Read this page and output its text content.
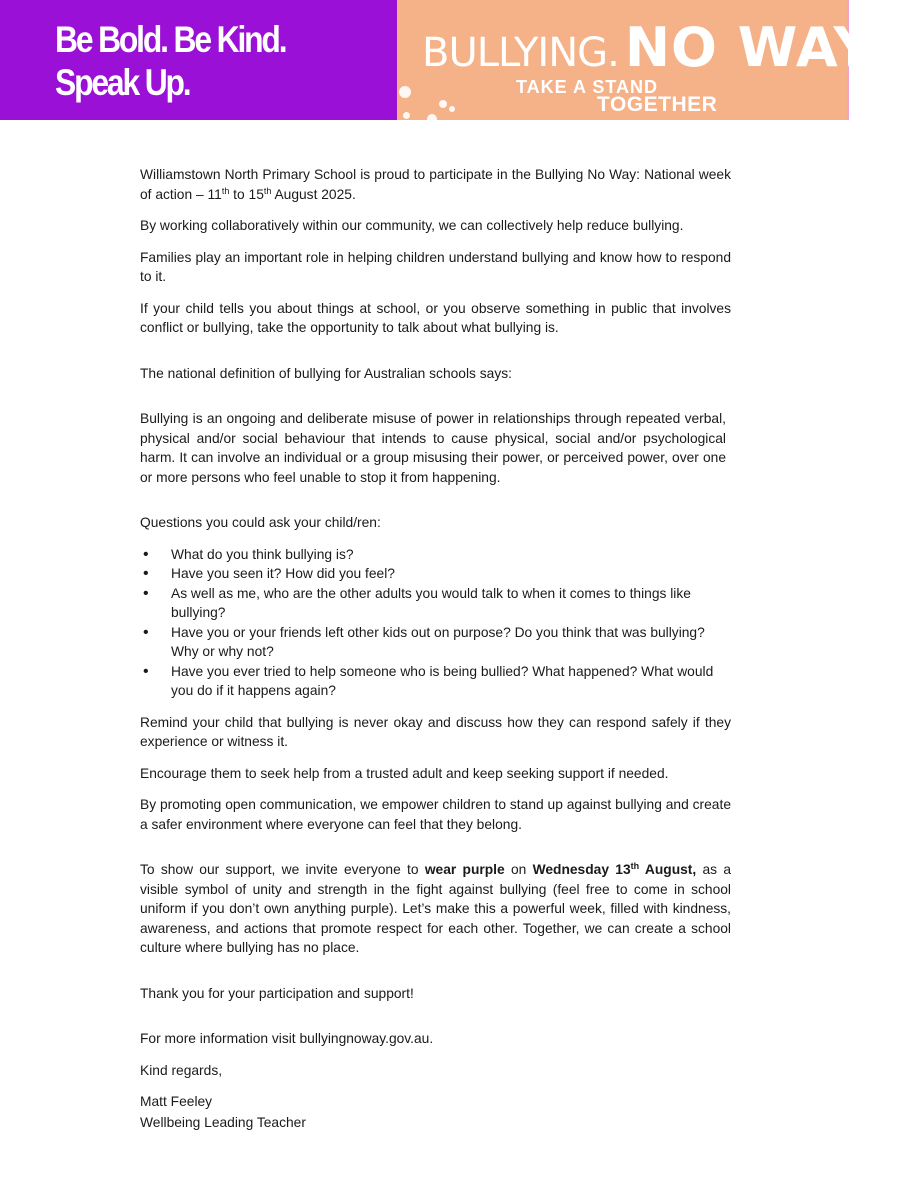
Be Bold. Be Kind.
Speak Up.
BULLYING. NO WAY!
TAKE A STAND
TOGETHER

Williamstown North Primary School is proud to participate in the Bullying No Way: National week of action – 11th to 15th August 2025.

By working collaboratively within our community, we can collectively help reduce bullying.

Families play an important role in helping children understand bullying and know how to respond to it.

If your child tells you about things at school, or you observe something in public that involves conflict or bullying, take the opportunity to talk about what bullying is.

The national definition of bullying for Australian schools says:

Bullying is an ongoing and deliberate misuse of power in relationships through repeated verbal, physical and/or social behaviour that intends to cause physical, social and/or psychological harm. It can involve an individual or a group misusing their power, or perceived power, over one or more persons who feel unable to stop it from happening.

Questions you could ask your child/ren:

• What do you think bullying is?
• Have you seen it? How did you feel?
• As well as me, who are the other adults you would talk to when it comes to things like bullying?
• Have you or your friends left other kids out on purpose? Do you think that was bullying? Why or why not?
• Have you ever tried to help someone who is being bullied? What happened? What would you do if it happens again?

Remind your child that bullying is never okay and discuss how they can respond safely if they experience or witness it.

Encourage them to seek help from a trusted adult and keep seeking support if needed.

By promoting open communication, we empower children to stand up against bullying and create a safer environment where everyone can feel that they belong.

To show our support, we invite everyone to wear purple on Wednesday 13th August, as a visible symbol of unity and strength in the fight against bullying (feel free to come in school uniform if you don’t own anything purple). Let’s make this a powerful week, filled with kindness, awareness, and actions that promote respect for each other. Together, we can create a school culture where bullying has no place.

Thank you for your participation and support!

For more information visit bullyingnoway.gov.au.

Kind regards,

Matt Feeley

Wellbeing Leading Teacher
